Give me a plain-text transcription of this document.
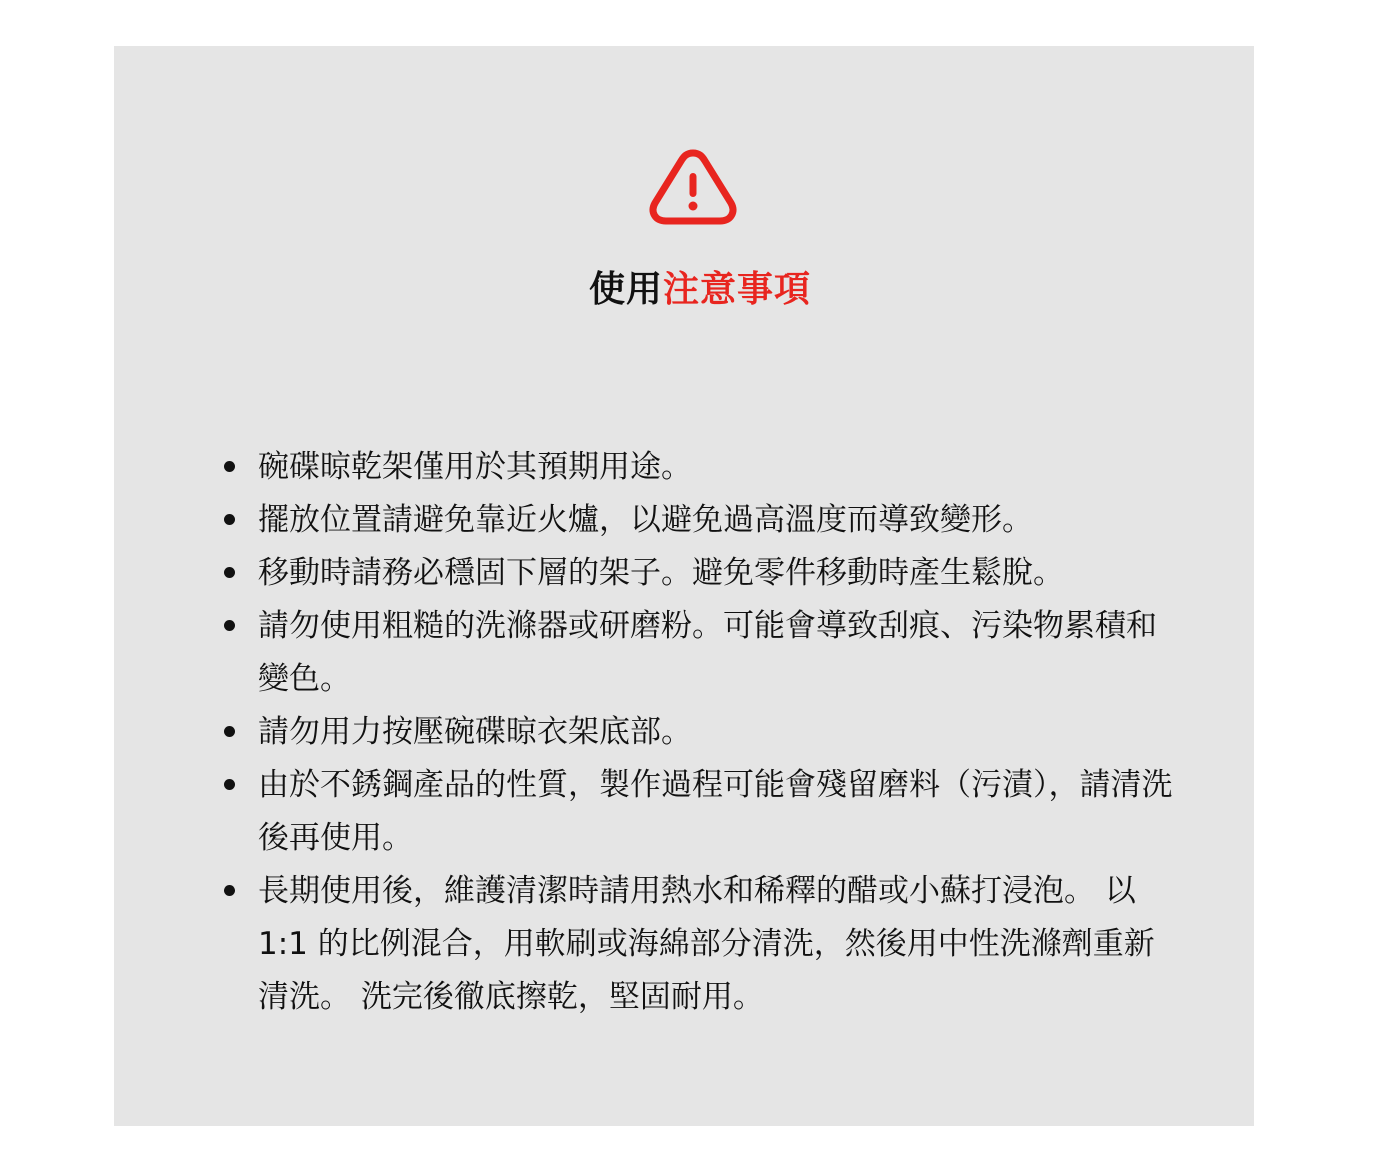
使用注意事項
碗碟晾乾架僅用於其預期用途。
擺放位置請避免靠近火爐，以避免過高溫度而導致變形。
移動時請務必穩固下層的架子。避免零件移動時產生鬆脫。
請勿使用粗糙的洗滌器或研磨粉。可能會導致刮痕、污染物累積和變色。
請勿用力按壓碗碟晾衣架底部。
由於不銹鋼產品的性質，製作過程可能會殘留磨料（污漬），請清洗後再使用。
長期使用後，維護清潔時請用熱水和稀釋的醋或小蘇打浸泡。 以 1:1 的比例混合，用軟刷或海綿部分清洗，然後用中性洗滌劑重新清洗。 洗完後徹底擦乾，堅固耐用。
